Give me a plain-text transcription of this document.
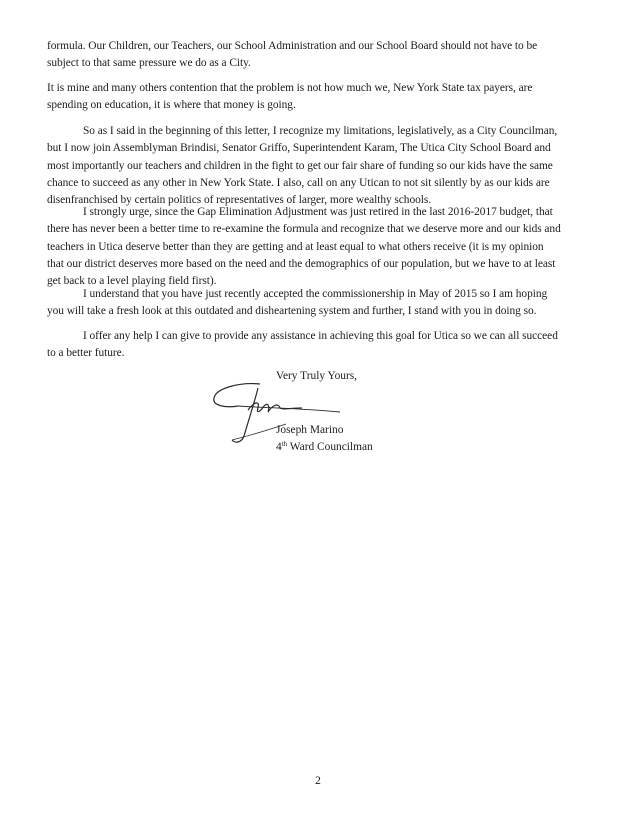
formula. Our Children, our Teachers, our School Administration and our School Board should not have to be
subject to that same pressure we do as a City.

It is mine and many others contention that the problem is not how much we, New York State tax payers, are
spending on education, it is where that money is going.

So as I said in the beginning of this letter, I recognize my limitations, legislatively, as a City Councilman,
but I now join Assemblyman Brindisi, Senator Griffo, Superintendent Karam, The Utica City School Board and
most importantly our teachers and children in the fight to get our fair share of funding so our kids have the same
chance to succeed as any other in New York State. I also, call on any Utican to not sit silently by as our kids are
disenfranchised by certain politics of representatives of larger, more wealthy schools.

I strongly urge, since the Gap Elimination Adjustment was just retired in the last 2016-2017 budget, that
there has never been a better time to re-examine the formula and recognize that we deserve more and our kids and
teachers in Utica deserve better than they are getting and at least equal to what others receive (it is my opinion
that our district deserves more based on the need and the demographics of our population, but we have to at least
get back to a level playing field first).

I understand that you have just recently accepted the commissionership in May of 2015 so I am hoping
you will take a fresh look at this outdated and disheartening system and further, I stand with you in doing so.

I offer any help I can give to provide any assistance in achieving this goal for Utica so we can all succeed
to a better future.

Very Truly Yours,
Joseph Marino
4th Ward Councilman
2
